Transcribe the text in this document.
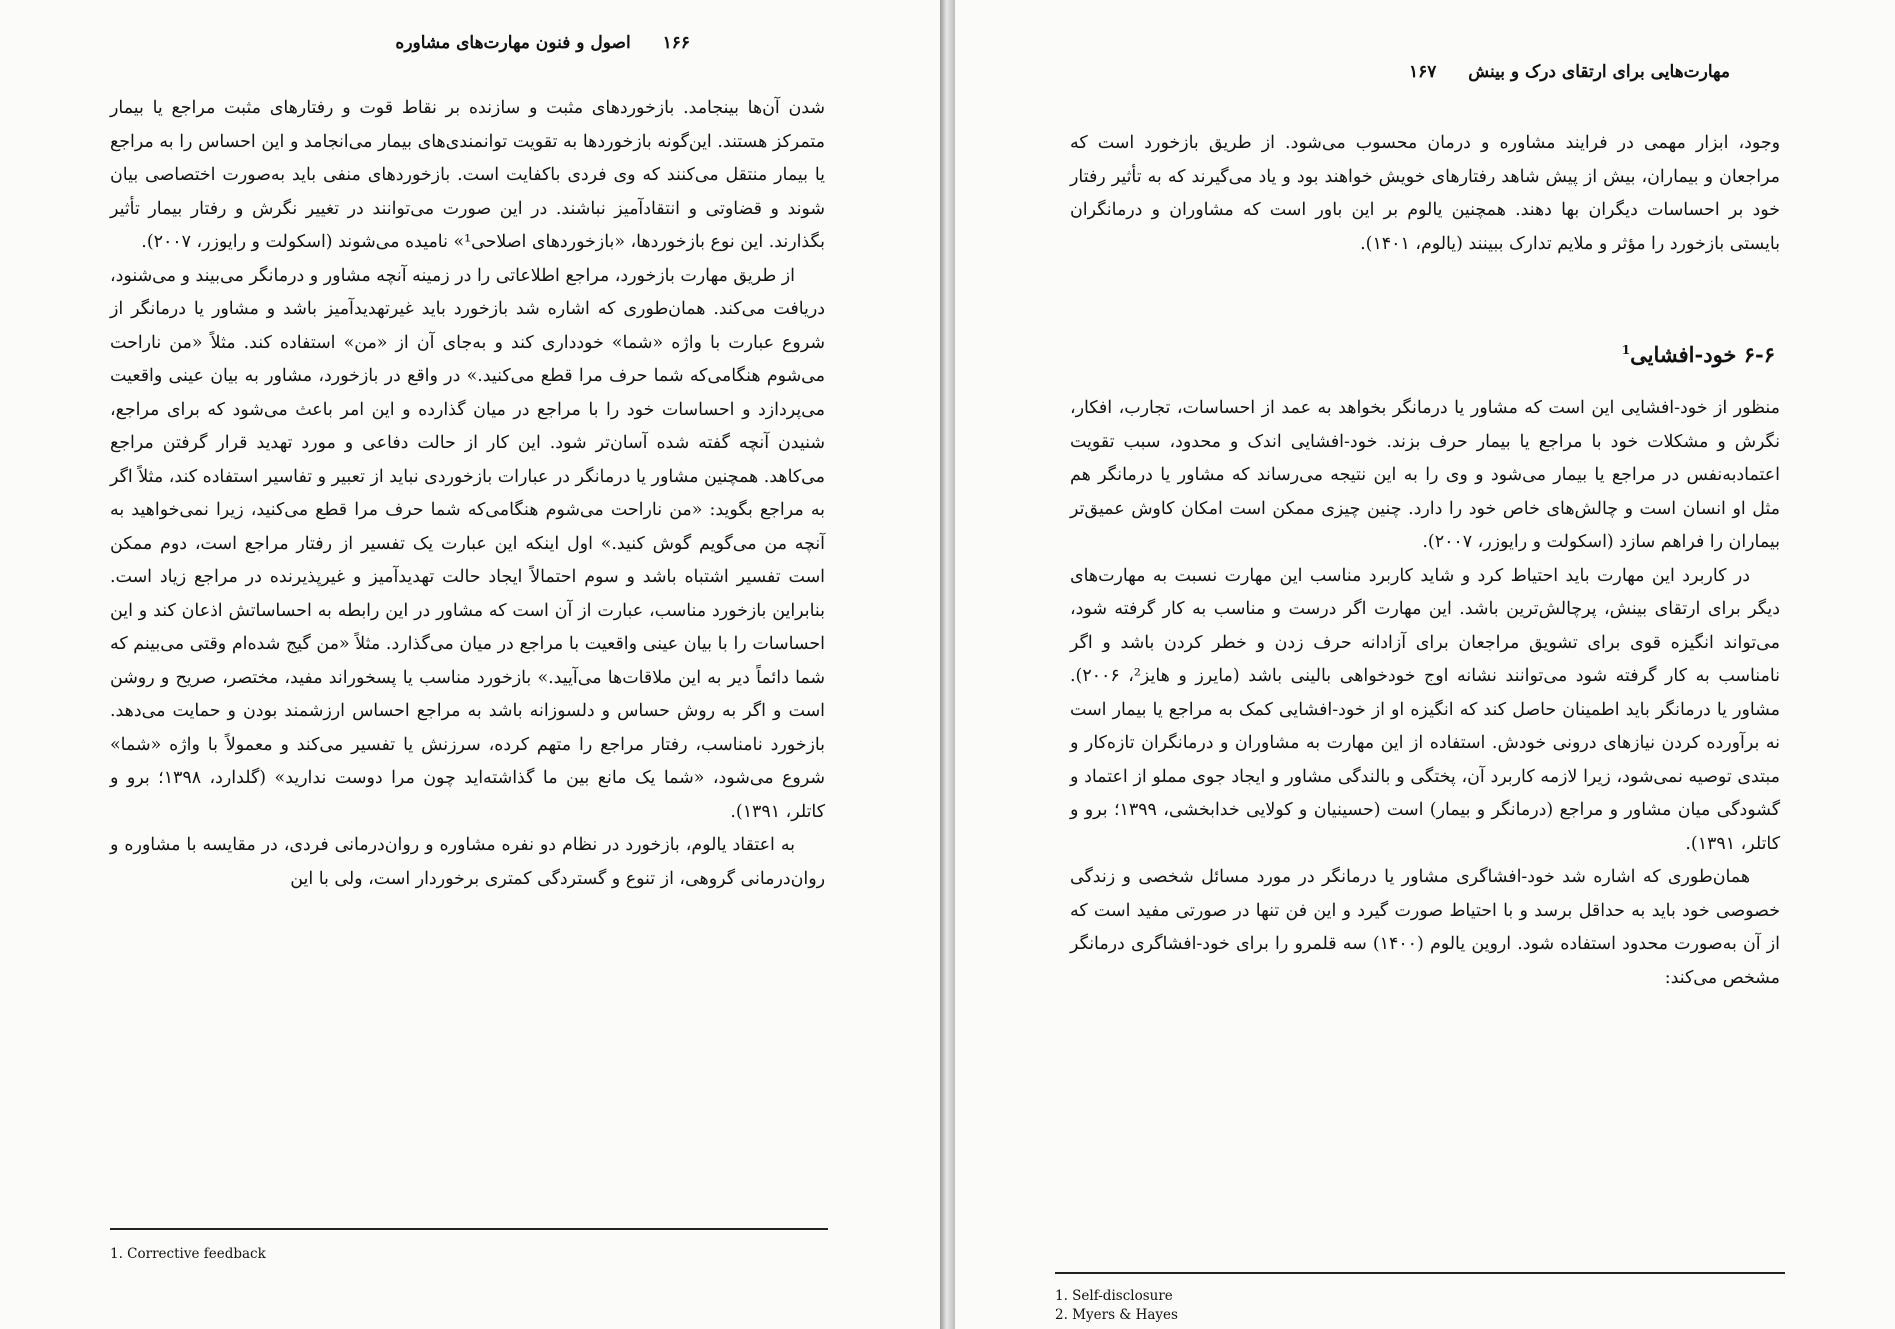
۱۶۶ اصول و فنون مهارت‌های مشاوره

شدن آن‌ها بینجامد. بازخوردهای مثبت و سازنده بر نقاط قوت و رفتارهای مثبت مراجع یا بیمار متمرکز هستند. این‌گونه بازخوردها به تقویت توانمندی‌های بیمار می‌انجامد و این احساس را به مراجع یا بیمار منتقل می‌کنند که وی فردی باکفایت است. بازخوردهای منفی باید به‌صورت اختصاصی بیان شوند و قضاوتی و انتقادآمیز نباشند. در این صورت می‌توانند در تغییر نگرش و رفتار بیمار تأثیر بگذارند. این نوع بازخوردها، «بازخوردهای اصلاحی¹» نامیده می‌شوند (اسکولت و رایوزر، ۲۰۰۷).

از طریق مهارت بازخورد، مراجع اطلاعاتی را در زمینه آنچه مشاور و درمانگر می‌بیند و می‌شنود، دریافت می‌کند. همان‌طوری که اشاره شد بازخورد باید غیرتهدیدآمیز باشد و مشاور یا درمانگر از شروع عبارت با واژه «شما» خودداری کند و به‌جای آن از «من» استفاده کند. مثلاً «من ناراحت می‌شوم هنگامی‌که شما حرف مرا قطع می‌کنید.» در واقع در بازخورد، مشاور به بیان عینی واقعیت می‌پردازد و احساسات خود را با مراجع در میان گذارده و این امر باعث می‌شود که برای مراجع، شنیدن آنچه گفته شده آسان‌تر شود. این کار از حالت دفاعی و مورد تهدید قرار گرفتن مراجع می‌کاهد. همچنین مشاور یا درمانگر در عبارات بازخوردی نباید از تعبیر و تفاسیر استفاده کند، مثلاً اگر به مراجع بگوید: «من ناراحت می‌شوم هنگامی‌که شما حرف مرا قطع می‌کنید، زیرا نمی‌خواهید به آنچه من می‌گویم گوش کنید.» اول اینکه این عبارت یک تفسیر از رفتار مراجع است، دوم ممکن است تفسیر اشتباه باشد و سوم احتمالاً ایجاد حالت تهدیدآمیز و غیرپذیرنده در مراجع زیاد است. بنابراین بازخورد مناسب، عبارت از آن است که مشاور در این رابطه به احساساتش اذعان کند و این احساسات را با بیان عینی واقعیت با مراجع در میان می‌گذارد. مثلاً «من گیج شده‌ام وقتی می‌بینم که شما دائماً دیر به این ملاقات‌ها می‌آیید.» بازخورد مناسب یا پسخوراند مفید، مختصر، صریح و روشن است و اگر به روش حساس و دلسوزانه باشد به مراجع احساس ارزشمند بودن و حمایت می‌دهد. بازخورد نامناسب، رفتار مراجع را متهم کرده، سرزنش یا تفسیر می‌کند و معمولاً با واژه «شما» شروع می‌شود، «شما یک مانع بین ما گذاشته‌اید چون مرا دوست ندارید» (گلدارد، ۱۳۹۸؛ برو و کاتلر، ۱۳۹۱).

به اعتقاد یالوم، بازخورد در نظام دو نفره مشاوره و روان‌درمانی فردی، در مقایسه با مشاوره و روان‌درمانی گروهی، از تنوع و گستردگی کمتری برخوردار است، ولی با این

1. Corrective feedback
مهارت‌هایی برای ارتقای درک و بینش ۱۶۷

وجود، ابزار مهمی در فرایند مشاوره و درمان محسوب می‌شود. از طریق بازخورد است که مراجعان و بیماران، بیش از پیش شاهد رفتارهای خویش خواهند بود و یاد می‌گیرند که به تأثیر رفتار خود بر احساسات دیگران بها دهند. همچنین یالوم بر این باور است که مشاوران و درمانگران بایستی بازخورد را مؤثر و ملایم تدارک ببینند (یالوم، ۱۴۰۱).

۶-۶ خود-افشایی$^1$

منظور از خود-افشایی این است که مشاور یا درمانگر بخواهد به عمد از احساسات، تجارب، افکار، نگرش و مشکلات خود با مراجع یا بیمار حرف بزند. خود-افشایی اندک و محدود، سبب تقویت اعتمادبه‌نفس در مراجع یا بیمار می‌شود و وی را به این نتیجه می‌رساند که مشاور یا درمانگر هم مثل او انسان است و چالش‌های خاص خود را دارد. چنین چیزی ممکن است امکان کاوش عمیق‌تر بیماران را فراهم سازد (اسکولت و رایوزر، ۲۰۰۷).

در کاربرد این مهارت باید احتیاط کرد و شاید کاربرد مناسب این مهارت نسبت به مهارت‌های دیگر برای ارتقای بینش، پرچالش‌ترین باشد. این مهارت اگر درست و مناسب به کار گرفته شود، می‌تواند انگیزه قوی برای تشویق مراجعان برای آزادانه حرف زدن و خطر کردن باشد و اگر نامناسب به کار گرفته شود می‌توانند نشانه اوج خودخواهی بالینی باشد (مایرز و هایز²، ۲۰۰۶). مشاور یا درمانگر باید اطمینان حاصل کند که انگیزه او از خود-افشایی کمک به مراجع یا بیمار است نه برآورده کردن نیازهای درونی خودش. استفاده از این مهارت به مشاوران و درمانگران تازه‌کار و مبتدی توصیه نمی‌شود، زیرا لازمه کاربرد آن، پختگی و بالندگی مشاور و ایجاد جوی مملو از اعتماد و گشودگی میان مشاور و مراجع (درمانگر و بیمار) است (حسینیان و کولایی خدابخشی، ۱۳۹۹؛ برو و کاتلر، ۱۳۹۱).

همان‌طوری که اشاره شد خود-افشاگری مشاور یا درمانگر در مورد مسائل شخصی و زندگی خصوصی خود باید به حداقل برسد و با احتیاط صورت گیرد و این فن تنها در صورتی مفید است که از آن به‌صورت محدود استفاده شود. اروین یالوم (۱۴۰۰) سه قلمرو را برای خود-افشاگری درمانگر مشخص می‌کند:

1. Self-disclosure
2. Myers & Hayes
